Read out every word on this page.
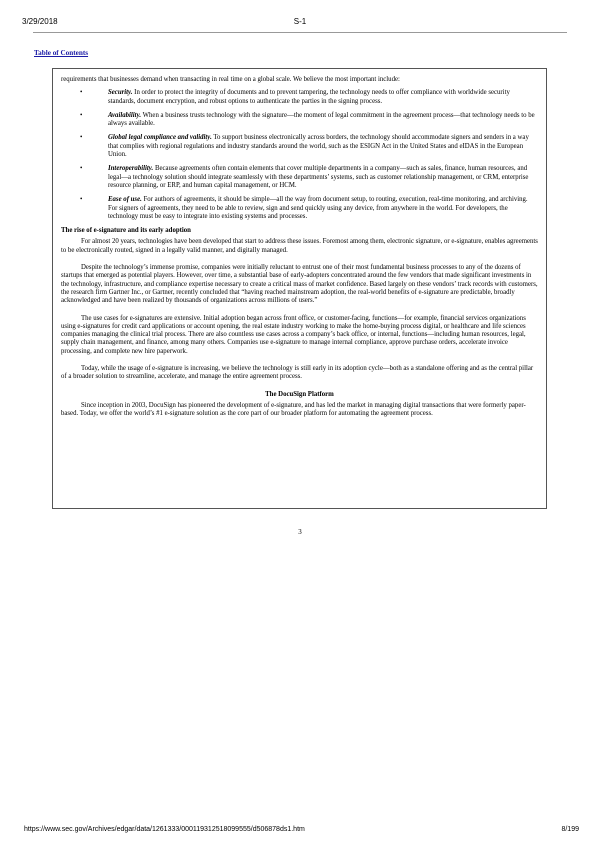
3/29/2018	S-1
Table of Contents

requirements that businesses demand when transacting in real time on a global scale. We believe the most important include:

•	Security. In order to protect the integrity of documents and to prevent tampering, the technology needs to offer compliance with worldwide security standards, document encryption, and robust options to authenticate the parties in the signing process.
•	Availability. When a business trusts technology with the signature—the moment of legal commitment in the agreement process—that technology needs to be always available.
•	Global legal compliance and validity. To support business electronically across borders, the technology should accommodate signers and senders in a way that complies with regional regulations and industry standards around the world, such as the ESIGN Act in the United States and eIDAS in the European Union.
•	Interoperability. Because agreements often contain elements that cover multiple departments in a company—such as sales, finance, human resources, and legal—a technology solution should integrate seamlessly with these departments’ systems, such as customer relationship management, or CRM, enterprise resource planning, or ERP, and human capital management, or HCM.
•	Ease of use. For authors of agreements, it should be simple—all the way from document setup, to routing, execution, real-time monitoring, and archiving. For signers of agreements, they need to be able to review, sign and send quickly using any device, from anywhere in the world. For developers, the technology must be easy to integrate into existing systems and processes.

The rise of e-signature and its early adoption

For almost 20 years, technologies have been developed that start to address these issues. Foremost among them, electronic signature, or e-signature, enables agreements to be electronically routed, signed in a legally valid manner, and digitally managed.

Despite the technology’s immense promise, companies were initially reluctant to entrust one of their most fundamental business processes to any of the dozens of startups that emerged as potential players. However, over time, a substantial base of early-adopters concentrated around the few vendors that made significant investments in the technology, infrastructure, and compliance expertise necessary to create a critical mass of market confidence. Based largely on these vendors’ track records with customers, the research firm Gartner Inc., or Gartner, recently concluded that “having reached mainstream adoption, the real-world benefits of e-signature are predictable, broadly acknowledged and have been realized by thousands of organizations across millions of users.”

The use cases for e-signatures are extensive. Initial adoption began across front office, or customer-facing, functions—for example, financial services organizations using e-signatures for credit card applications or account opening, the real estate industry working to make the home-buying process digital, or healthcare and life sciences companies managing the clinical trial process. There are also countless use cases across a company’s back office, or internal, functions—including human resources, legal, supply chain management, and finance, among many others. Companies use e-signature to manage internal compliance, approve purchase orders, accelerate invoice processing, and complete new hire paperwork.

Today, while the usage of e-signature is increasing, we believe the technology is still early in its adoption cycle—both as a standalone offering and as the central pillar of a broader solution to streamline, accelerate, and manage the entire agreement process.

The DocuSign Platform

Since inception in 2003, DocuSign has pioneered the development of e-signature, and has led the market in managing digital transactions that were formerly paper-based. Today, we offer the world’s #1 e-signature solution as the core part of our broader platform for automating the agreement process.

3
https://www.sec.gov/Archives/edgar/data/1261333/000119312518099555/d506878ds1.htm	8/199
